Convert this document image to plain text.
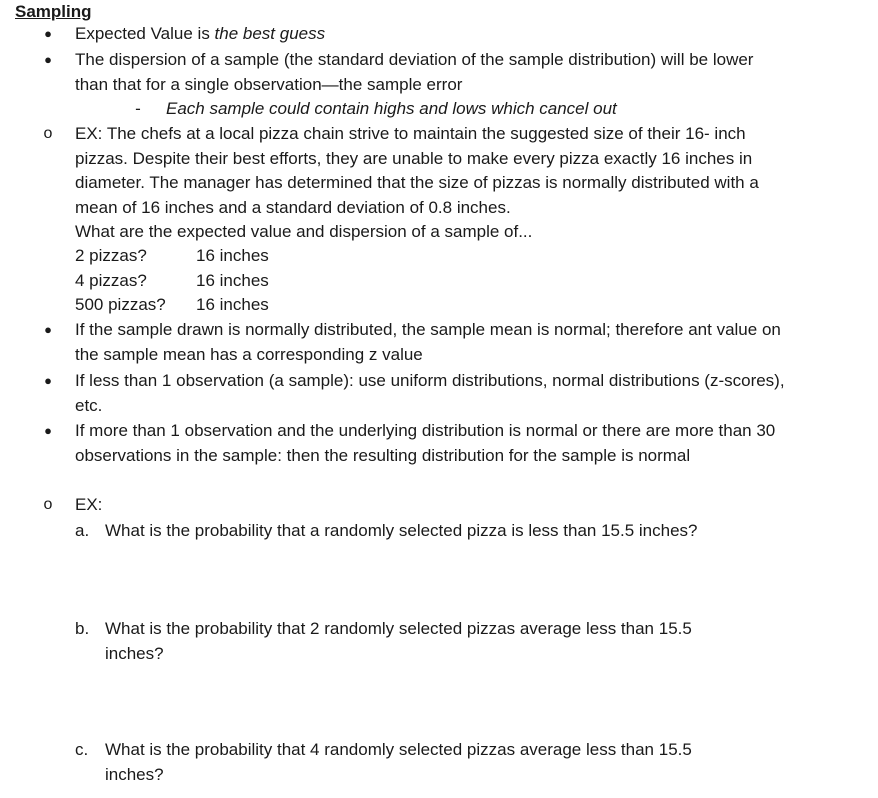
Sampling
● Expected Value is the best guess
● The dispersion of a sample (the standard deviation of the sample distribution) will be lower than that for a single observation—the sample error
-	Each sample could contain highs and lows which cancel out
o EX: The chefs at a local pizza chain strive to maintain the suggested size of their 16- inch pizzas. Despite their best efforts, they are unable to make every pizza exactly 16 inches in diameter. The manager has determined that the size of pizzas is normally distributed with a mean of 16 inches and a standard deviation of 0.8 inches.
What are the expected value and dispersion of a sample of...
2 pizzas?	16 inches
4 pizzas?	16 inches
500 pizzas? 16 inches
● If the sample drawn is normally distributed, the sample mean is normal; therefore ant value on the sample mean has a corresponding z value
● If less than 1 observation (a sample): use uniform distributions, normal distributions (z-scores), etc.
● If more than 1 observation and the underlying distribution is normal or there are more than 30 observations in the sample: then the resulting distribution for the sample is normal
o EX:
a. What is the probability that a randomly selected pizza is less than 15.5 inches?
b. What is the probability that 2 randomly selected pizzas average less than 15.5 inches?
c. What is the probability that 4 randomly selected pizzas average less than 15.5 inches?
